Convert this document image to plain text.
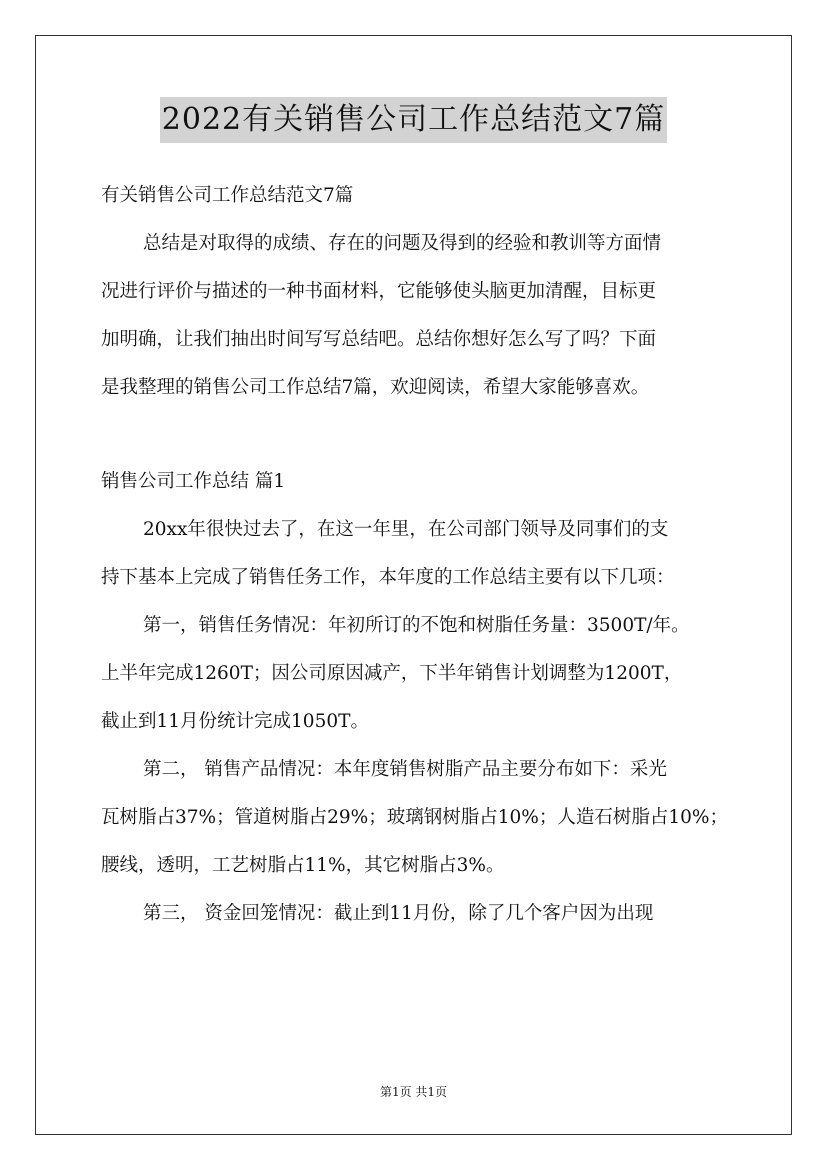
2022有关销售公司工作总结范文7篇

有关销售公司工作总结范文7篇

总结是对取得的成绩、存在的问题及得到的经验和教训等方面情

况进行评价与描述的一种书面材料，它能够使头脑更加清醒，目标更

加明确，让我们抽出时间写写总结吧。总结你想好怎么写了吗？下面

是我整理的销售公司工作总结7篇，欢迎阅读，希望大家能够喜欢。

销售公司工作总结 篇1

20xx年很快过去了，在这一年里，在公司部门领导及同事们的支

持下基本上完成了销售任务工作，本年度的工作总结主要有以下几项：

第一，销售任务情况：年初所订的不饱和树脂任务量：3500T/年。

上半年完成1260T；因公司原因减产，下半年销售计划调整为1200T，

截止到11月份统计完成1050T。

第二， 销售产品情况：本年度销售树脂产品主要分布如下：采光

瓦树脂占37%；管道树脂占29%；玻璃钢树脂占10%；人造石树脂占10%；

腰线，透明，工艺树脂占11%，其它树脂占3%。

第三， 资金回笼情况：截止到11月份，除了几个客户因为出现

第1页 共1页
